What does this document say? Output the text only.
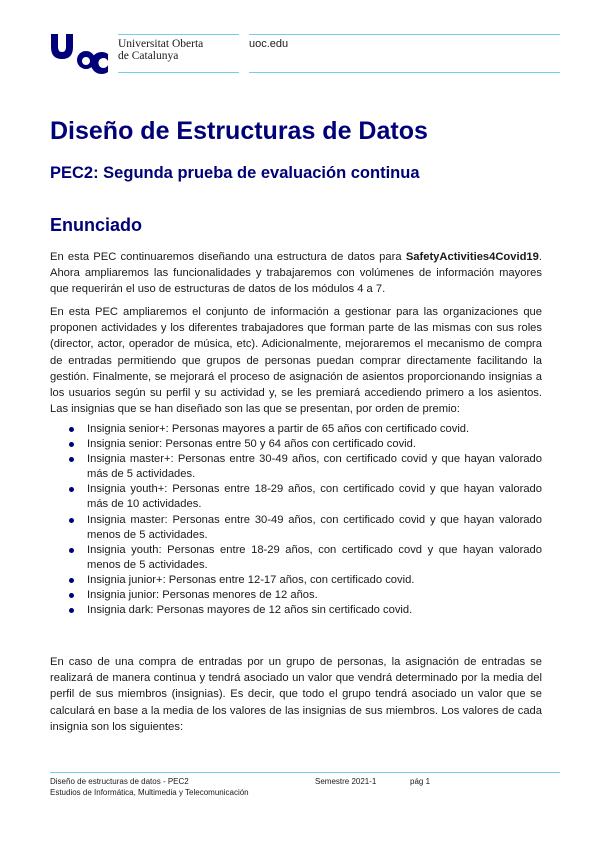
Universitat Oberta
de Catalunya
uoc.edu
Diseño de Estructuras de Datos
PEC2: Segunda prueba de evaluación continua
Enunciado

En esta PEC continuaremos diseñando una estructura de datos para SafetyActivities4Covid19. Ahora ampliaremos las funcionalidades y trabajaremos con volúmenes de información mayores que requerirán el uso de estructuras de datos de los módulos 4 a 7.

En esta PEC ampliaremos el conjunto de información a gestionar para las organizaciones que proponen actividades y los diferentes trabajadores que forman parte de las mismas con sus roles (director, actor, operador de música, etc). Adicionalmente, mejoraremos el mecanismo de compra de entradas permitiendo que grupos de personas puedan comprar directamente facilitando la gestión. Finalmente, se mejorará el proceso de asignación de asientos proporcionando insignias a los usuarios según su perfil y su actividad y, se les premiará accediendo primero a los asientos. Las insignias que se han diseñado son las que se presentan, por orden de premio:

Insignia senior+: Personas mayores a partir de 65 años con certificado covid.
Insignia senior: Personas entre 50 y 64 años con certificado covid.
Insignia master+: Personas entre 30-49 años, con certificado covid y que hayan valorado más de 5 actividades.
Insignia youth+: Personas entre 18-29 años, con certificado covid y que hayan valorado más de 10 actividades.
Insignia master: Personas entre 30-49 años, con certificado covid y que hayan valorado menos de 5 actividades.
Insignia youth: Personas entre 18-29 años, con certificado covd y que hayan valorado menos de 5 actividades.
Insignia junior+: Personas entre 12-17 años, con certificado covid.
Insignia junior: Personas menores de 12 años.
Insignia dark: Personas mayores de 12 años sin certificado covid.

En caso de una compra de entradas por un grupo de personas, la asignación de entradas se realizará de manera continua y tendrá asociado un valor que vendrá determinado por la media del perfil de sus miembros (insignias). Es decir, que todo el grupo tendrá asociado un valor que se calculará en base a la media de los valores de las insignias de sus miembros. Los valores de cada insignia son los siguientes:

Diseño de estructuras de datos - PEC2
Estudios de Informática, Multimedia y Telecomunicación
Semestre 2021-1	pág 1
